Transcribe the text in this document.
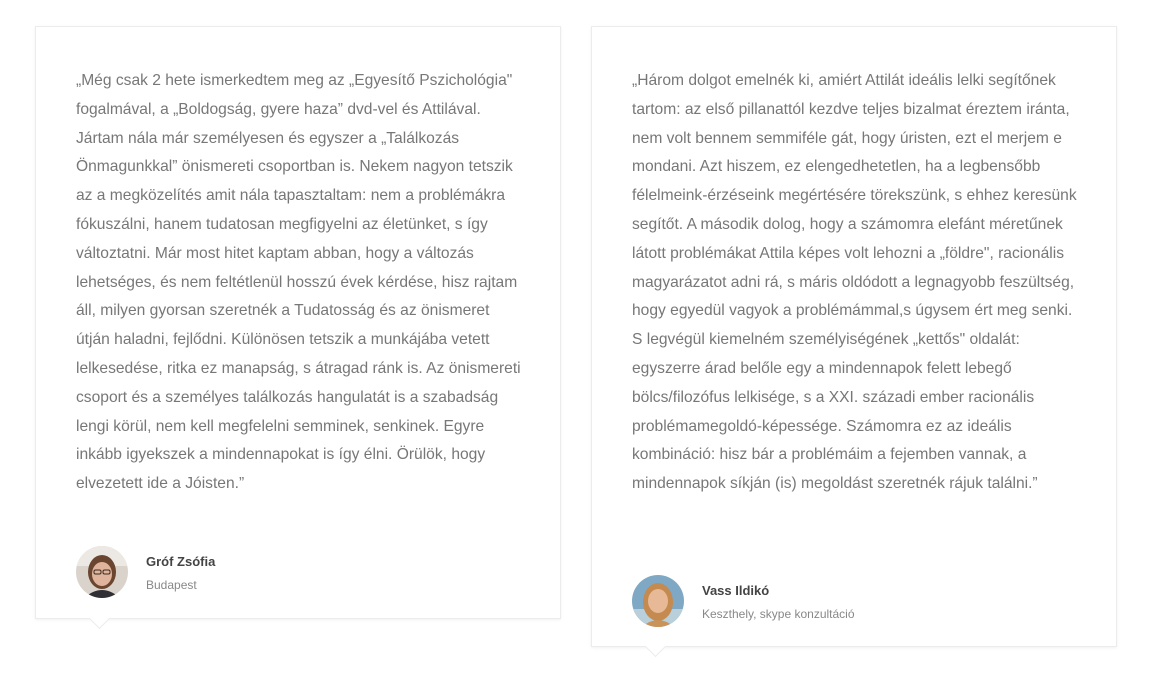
„Még csak 2 hete ismerkedtem meg az „Egyesítő Pszichológia" fogalmával, a „Boldogság, gyere haza” dvd-vel és Attilával. Jártam nála már személyesen és egyszer a „Találkozás Önmagunkkal” önismereti csoportban is. Nekem nagyon tetszik az a megközelítés amit nála tapasztaltam: nem a problémákra fókuszálni, hanem tudatosan megfigyelni az életünket, s így változtatni. Már most hitet kaptam abban, hogy a változás lehetséges, és nem feltétlenül hosszú évek kérdése, hisz rajtam áll, milyen gyorsan szeretnék a Tudatosság és az önismeret útján haladni, fejlődni. Különösen tetszik a munkájába vetett lelkesedése, ritka ez manapság, s átragad ránk is. Az önismereti csoport és a személyes találkozás hangulatát is a szabadság lengi körül, nem kell megfelelni semminek, senkinek. Egyre inkább igyekszek a mindennapokat is így élni. Örülök, hogy elvezetett ide a Jóisten.”

Gróf Zsófia
Budapest

„Három dolgot emelnék ki, amiért Attilát ideális lelki segítőnek tartom: az első pillanattól kezdve teljes bizalmat éreztem iránta, nem volt bennem semmiféle gát, hogy úristen, ezt el merjem e mondani. Azt hiszem, ez elengedhetetlen, ha a legbensőbb félelmeink-érzéseink megértésére törekszünk, s ehhez keresünk segítőt. A második dolog, hogy a számomra elefánt méretűnek látott problémákat Attila képes volt lehozni a „földre", racionális magyarázatot adni rá, s máris oldódott a legnagyobb feszültség, hogy egyedül vagyok a problémámmal,s úgysem ért meg senki. S legvégül kiemelném személyiségének „kettős" oldalát: egyszerre árad belőle egy a mindennapok felett lebegő bölcs/filozófus lelkisége, s a XXI. századi ember racionális problémamegoldó-képessége. Számomra ez az ideális kombináció: hisz bár a problémáim a fejemben vannak, a mindennapok síkján (is) megoldást szeretnék rájuk találni.”

Vass Ildikó
Keszthely, skype konzultáció
